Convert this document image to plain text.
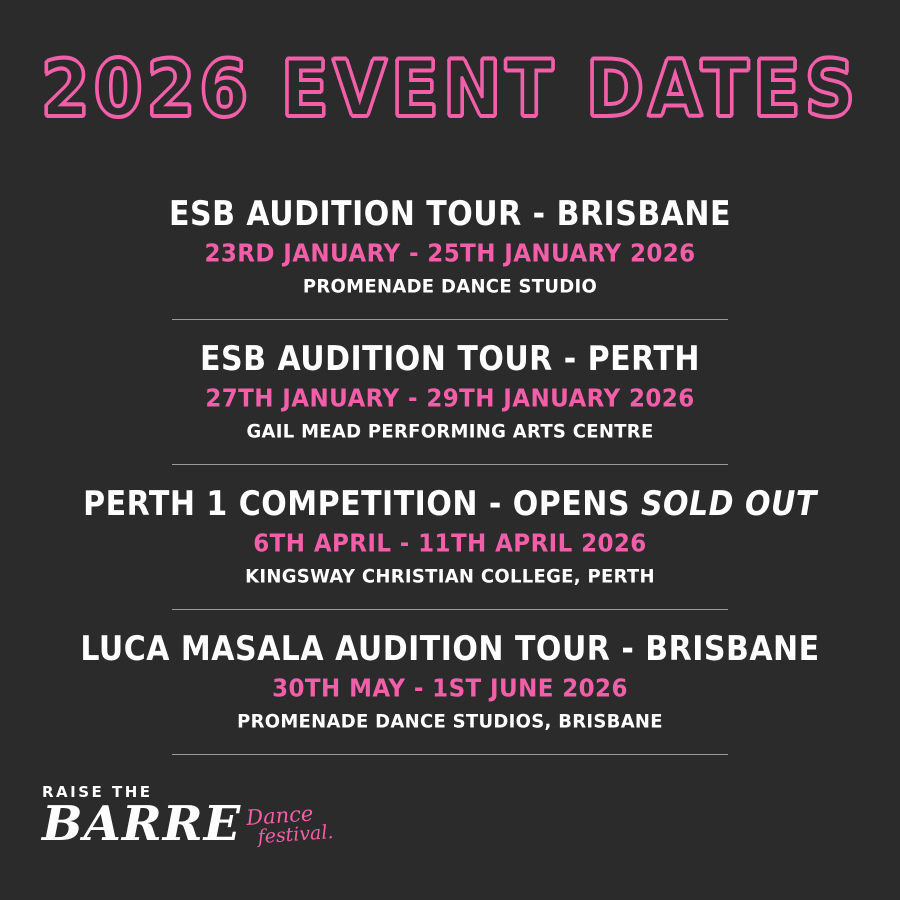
2026 EVENT DATES
ESB AUDITION TOUR - BRISBANE
23RD JANUARY - 25TH JANUARY 2026
PROMENADE DANCE STUDIO
ESB AUDITION TOUR - PERTH
27TH JANUARY - 29TH JANUARY 2026
GAIL MEAD PERFORMING ARTS CENTRE
PERTH 1 COMPETITION - OPENS SOLD OUT
6TH APRIL - 11TH APRIL 2026
KINGSWAY CHRISTIAN COLLEGE, PERTH
LUCA MASALA AUDITION TOUR - BRISBANE
30TH MAY - 1ST JUNE 2026
PROMENADE DANCE STUDIOS, BRISBANE
RAISE THE
BARRE Dance
festival.
